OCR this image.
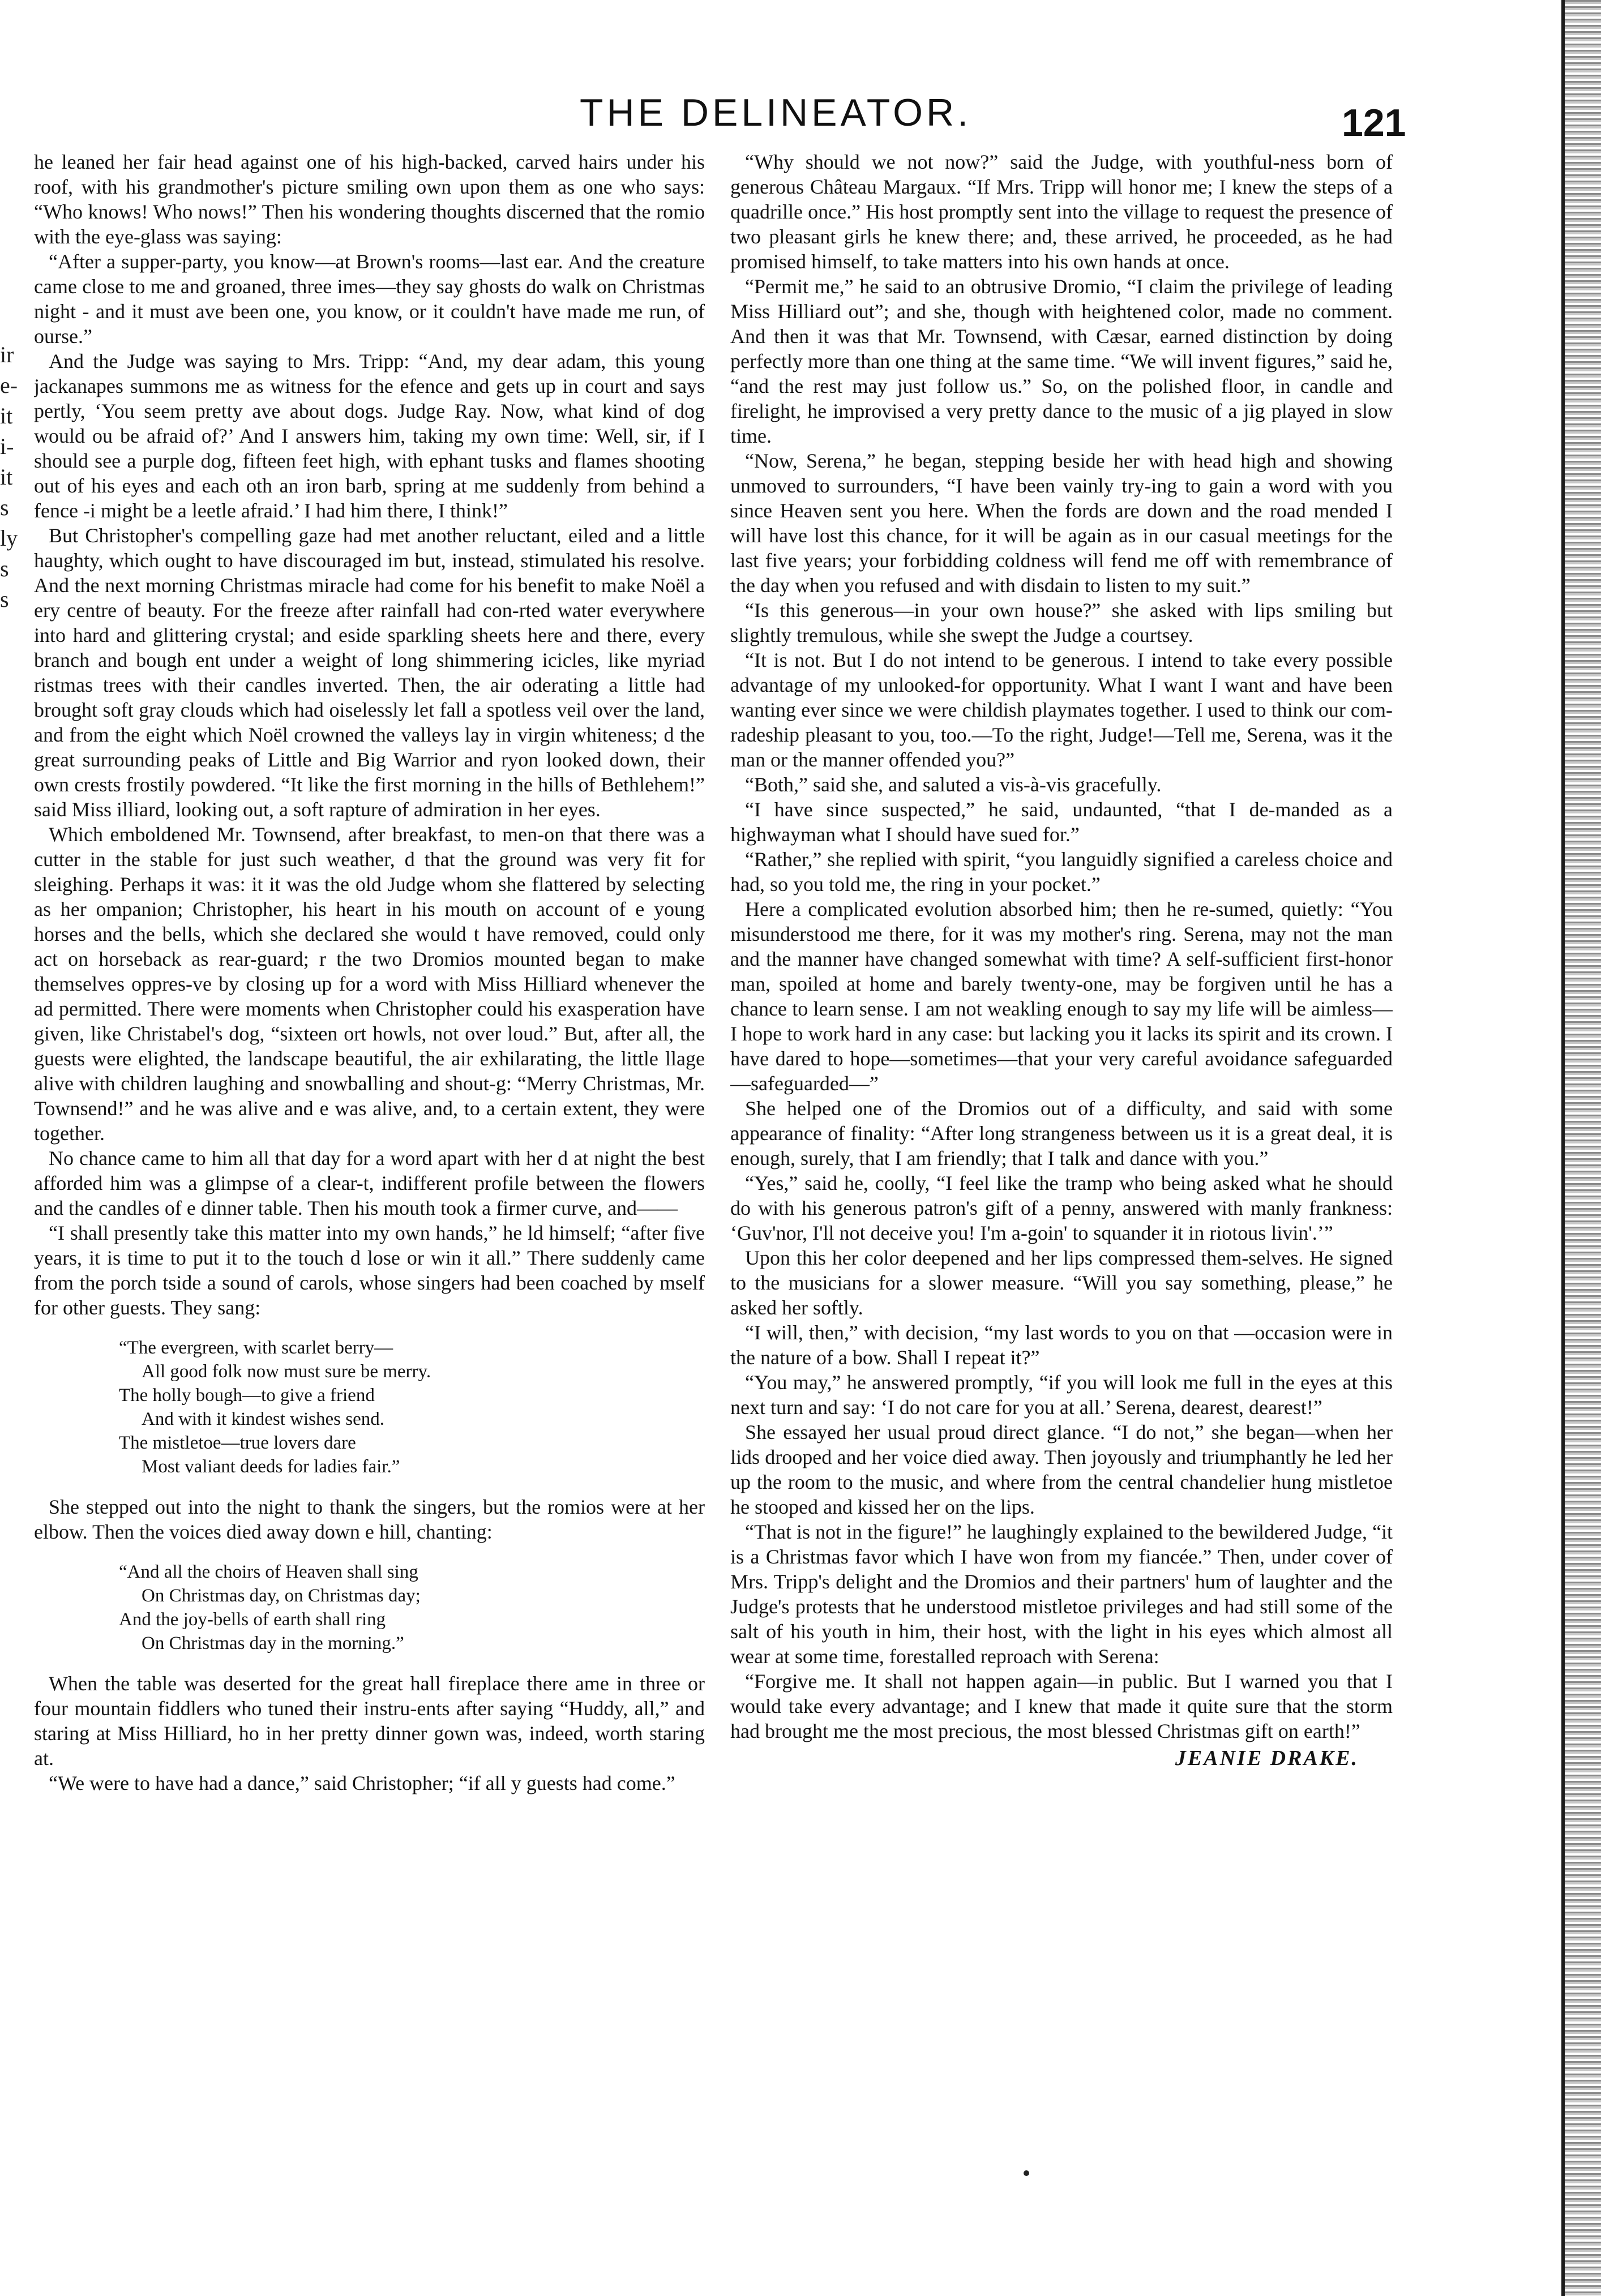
ir
e-
it
i-
it
s
ly
s
s
THE DELINEATOR.	121

he leaned her fair head against one of his high-backed, carved hairs under his roof, with his grandmother's picture smiling own upon them as one who says: “Who knows! Who nows!” Then his wondering thoughts discerned that the romio with the eye-glass was saying:

“After a supper-party, you know—at Brown's rooms—last ear. And the creature came close to me and groaned, three imes—they say ghosts do walk on Christmas night - and it must ave been one, you know, or it couldn't have made me run, of ourse.”

And the Judge was saying to Mrs. Tripp: “And, my dear adam, this young jackanapes summons me as witness for the efence and gets up in court and says pertly, ‘You seem pretty ave about dogs. Judge Ray. Now, what kind of dog would ou be afraid of?’ And I answers him, taking my own time: Well, sir, if I should see a purple dog, fifteen feet high, with ephant tusks and flames shooting out of his eyes and each oth an iron barb, spring at me suddenly from behind a fence -i might be a leetle afraid.’ I had him there, I think!”

But Christopher's compelling gaze had met another reluctant, eiled and a little haughty, which ought to have discouraged im but, instead, stimulated his resolve. And the next morning Christmas miracle had come for his benefit to make Noël a ery centre of beauty. For the freeze after rainfall had con-rted water everywhere into hard and glittering crystal; and eside sparkling sheets here and there, every branch and bough ent under a weight of long shimmering icicles, like myriad ristmas trees with their candles inverted. Then, the air oderating a little had brought soft gray clouds which had oiselessly let fall a spotless veil over the land, and from the eight which Noël crowned the valleys lay in virgin whiteness; d the great surrounding peaks of Little and Big Warrior and ryon looked down, their own crests frostily powdered. “It like the first morning in the hills of Bethlehem!” said Miss illiard, looking out, a soft rapture of admiration in her eyes.

Which emboldened Mr. Townsend, after breakfast, to men-on that there was a cutter in the stable for just such weather, d that the ground was very fit for sleighing. Perhaps it was: it it was the old Judge whom she flattered by selecting as her ompanion; Christopher, his heart in his mouth on account of e young horses and the bells, which she declared she would t have removed, could only act on horseback as rear-guard; r the two Dromios mounted began to make themselves oppres-ve by closing up for a word with Miss Hilliard whenever the ad permitted. There were moments when Christopher could his exasperation have given, like Christabel's dog, “sixteen ort howls, not over loud.” But, after all, the guests were elighted, the landscape beautiful, the air exhilarating, the little llage alive with children laughing and snowballing and shout-g: “Merry Christmas, Mr. Townsend!” and he was alive and e was alive, and, to a certain extent, they were together.

No chance came to him all that day for a word apart with her d at night the best afforded him was a glimpse of a clear-t, indifferent profile between the flowers and the candles of e dinner table. Then his mouth took a firmer curve, and——

“I shall presently take this matter into my own hands,” he ld himself; “after five years, it is time to put it to the touch d lose or win it all.” There suddenly came from the porch tside a sound of carols, whose singers had been coached by mself for other guests. They sang:

“The evergreen, with scarlet berry—
All good folk now must sure be merry.
The holly bough—to give a friend
And with it kindest wishes send.
The mistletoe—true lovers dare
Most valiant deeds for ladies fair.”

She stepped out into the night to thank the singers, but the romios were at her elbow. Then the voices died away down e hill, chanting:

“And all the choirs of Heaven shall sing
On Christmas day, on Christmas day;
And the joy-bells of earth shall ring
On Christmas day in the morning.”

When the table was deserted for the great hall fireplace there ame in three or four mountain fiddlers who tuned their instru-ents after saying “Huddy, all,” and staring at Miss Hilliard, ho in her pretty dinner gown was, indeed, worth staring at.

“We were to have had a dance,” said Christopher; “if all y guests had come.”

“Why should we not now?” said the Judge, with youthful-ness born of generous Château Margaux. “If Mrs. Tripp will honor me; I knew the steps of a quadrille once.” His host promptly sent into the village to request the presence of two pleasant girls he knew there; and, these arrived, he proceeded, as he had promised himself, to take matters into his own hands at once.

“Permit me,” he said to an obtrusive Dromio, “I claim the privilege of leading Miss Hilliard out”; and she, though with heightened color, made no comment. And then it was that Mr. Townsend, with Cæsar, earned distinction by doing perfectly more than one thing at the same time. “We will invent figures,” said he, “and the rest may just follow us.” So, on the polished floor, in candle and firelight, he improvised a very pretty dance to the music of a jig played in slow time.

“Now, Serena,” he began, stepping beside her with head high and showing unmoved to surrounders, “I have been vainly try-ing to gain a word with you since Heaven sent you here. When the fords are down and the road mended I will have lost this chance, for it will be again as in our casual meetings for the last five years; your forbidding coldness will fend me off with remembrance of the day when you refused and with disdain to listen to my suit.”

“Is this generous—in your own house?” she asked with lips smiling but slightly tremulous, while she swept the Judge a courtsey.

“It is not. But I do not intend to be generous. I intend to take every possible advantage of my unlooked-for opportunity. What I want I want and have been wanting ever since we were childish playmates together. I used to think our com-radeship pleasant to you, too.—To the right, Judge!—Tell me, Serena, was it the man or the manner offended you?”

“Both,” said she, and saluted a vis-à-vis gracefully.

“I have since suspected,” he said, undaunted, “that I de-manded as a highwayman what I should have sued for.”

“Rather,” she replied with spirit, “you languidly signified a careless choice and had, so you told me, the ring in your pocket.”

Here a complicated evolution absorbed him; then he re-sumed, quietly: “You misunderstood me there, for it was my mother's ring. Serena, may not the man and the manner have changed somewhat with time? A self-sufficient first-honor man, spoiled at home and barely twenty-one, may be forgiven until he has a chance to learn sense. I am not weakling enough to say my life will be aimless—I hope to work hard in any case: but lacking you it lacks its spirit and its crown. I have dared to hope—sometimes—that your very careful avoidance safeguarded—safeguarded—”

She helped one of the Dromios out of a difficulty, and said with some appearance of finality: “After long strangeness between us it is a great deal, it is enough, surely, that I am friendly; that I talk and dance with you.”

“Yes,” said he, coolly, “I feel like the tramp who being asked what he should do with his generous patron's gift of a penny, answered with manly frankness: ‘Guv'nor, I'll not deceive you! I'm a-goin' to squander it in riotous livin'.’”

Upon this her color deepened and her lips compressed them-selves. He signed to the musicians for a slower measure. “Will you say something, please,” he asked her softly.

“I will, then,” with decision, “my last words to you on that —occasion were in the nature of a bow. Shall I repeat it?”

“You may,” he answered promptly, “if you will look me full in the eyes at this next turn and say: ‘I do not care for you at all.’ Serena, dearest, dearest!”

She essayed her usual proud direct glance. “I do not,” she began—when her lids drooped and her voice died away. Then joyously and triumphantly he led her up the room to the music, and where from the central chandelier hung mistletoe he stooped and kissed her on the lips.

“That is not in the figure!” he laughingly explained to the bewildered Judge, “it is a Christmas favor which I have won from my fiancée.” Then, under cover of Mrs. Tripp's delight and the Dromios and their partners' hum of laughter and the Judge's protests that he understood mistletoe privileges and had still some of the salt of his youth in him, their host, with the light in his eyes which almost all wear at some time, forestalled reproach with Serena:

“Forgive me. It shall not happen again—in public. But I warned you that I would take every advantage; and I knew that made it quite sure that the storm had brought me the most precious, the most blessed Christmas gift on earth!”

JEANIE DRAKE.
